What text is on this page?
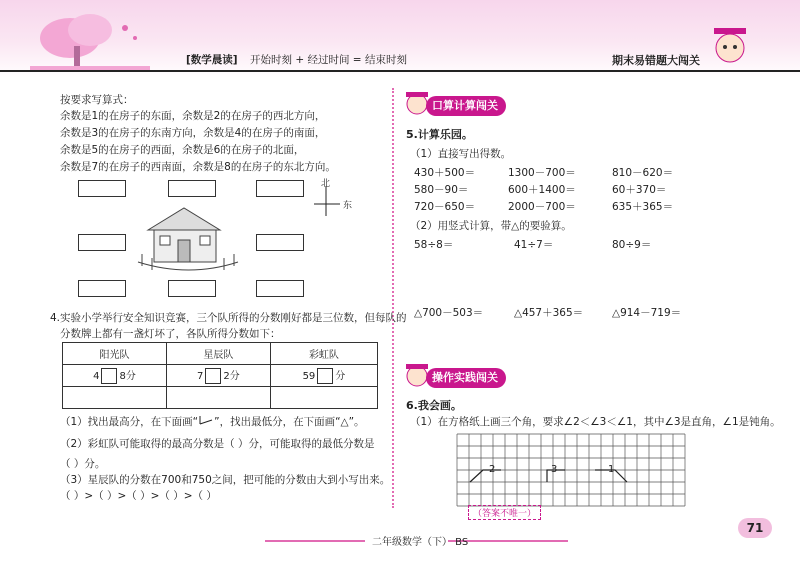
[数学晨读] 开始时刻 + 经过时间 = 结束时刻	期末易错题大闯关
按要求写算式：
余数是1的在房子的东面，余数是2的在房子的西北方向，
余数是3的在房子的东南方向，余数是4的在房子的南面，
余数是5的在房子的西面，余数是6的在房子的北面，
余数是7的在房子的西南面，余数是8的在房子的东北方向。
北
东
4.实验小学举行安全知识竞赛，三个队所得的分数刚好都是三位数，但每队的
分数牌上都有一盏灯坏了，各队所得分数如下：
阳光队	星辰队	彩虹队
4 8分	7 2分	59 分

（1）找出最高分，在下面画“ ”，找出最低分，在下面画“△”。
（2）彩虹队可能取得的最高分数是（ ）分，可能取得的最低分数是
（ ）分。
（3）星辰队的分数在700和750之间，把可能的分数由大到小写出来。
（ ）>（ ）>（ ）>（ ）>（ ）
口算计算闯关
5.计算乐园。
（1）直接写出得数。
430＋500＝	1300－700＝	810－620＝
580－90＝	600＋1400＝	60＋370＝
720－650＝	2000－700＝	635＋365＝
（2）用竖式计算，带△的要验算。
58÷8＝	41÷7＝	80÷9＝
△700－503＝	△457＋365＝	△914－719＝
操作实践闯关
6.我会画。
（1）在方格纸上画三个角，要求∠2＜∠3＜∠1，其中∠3是直角，∠1是钝角。
2	3	1
（答案不唯一）
二年级数学（下） BS
71
